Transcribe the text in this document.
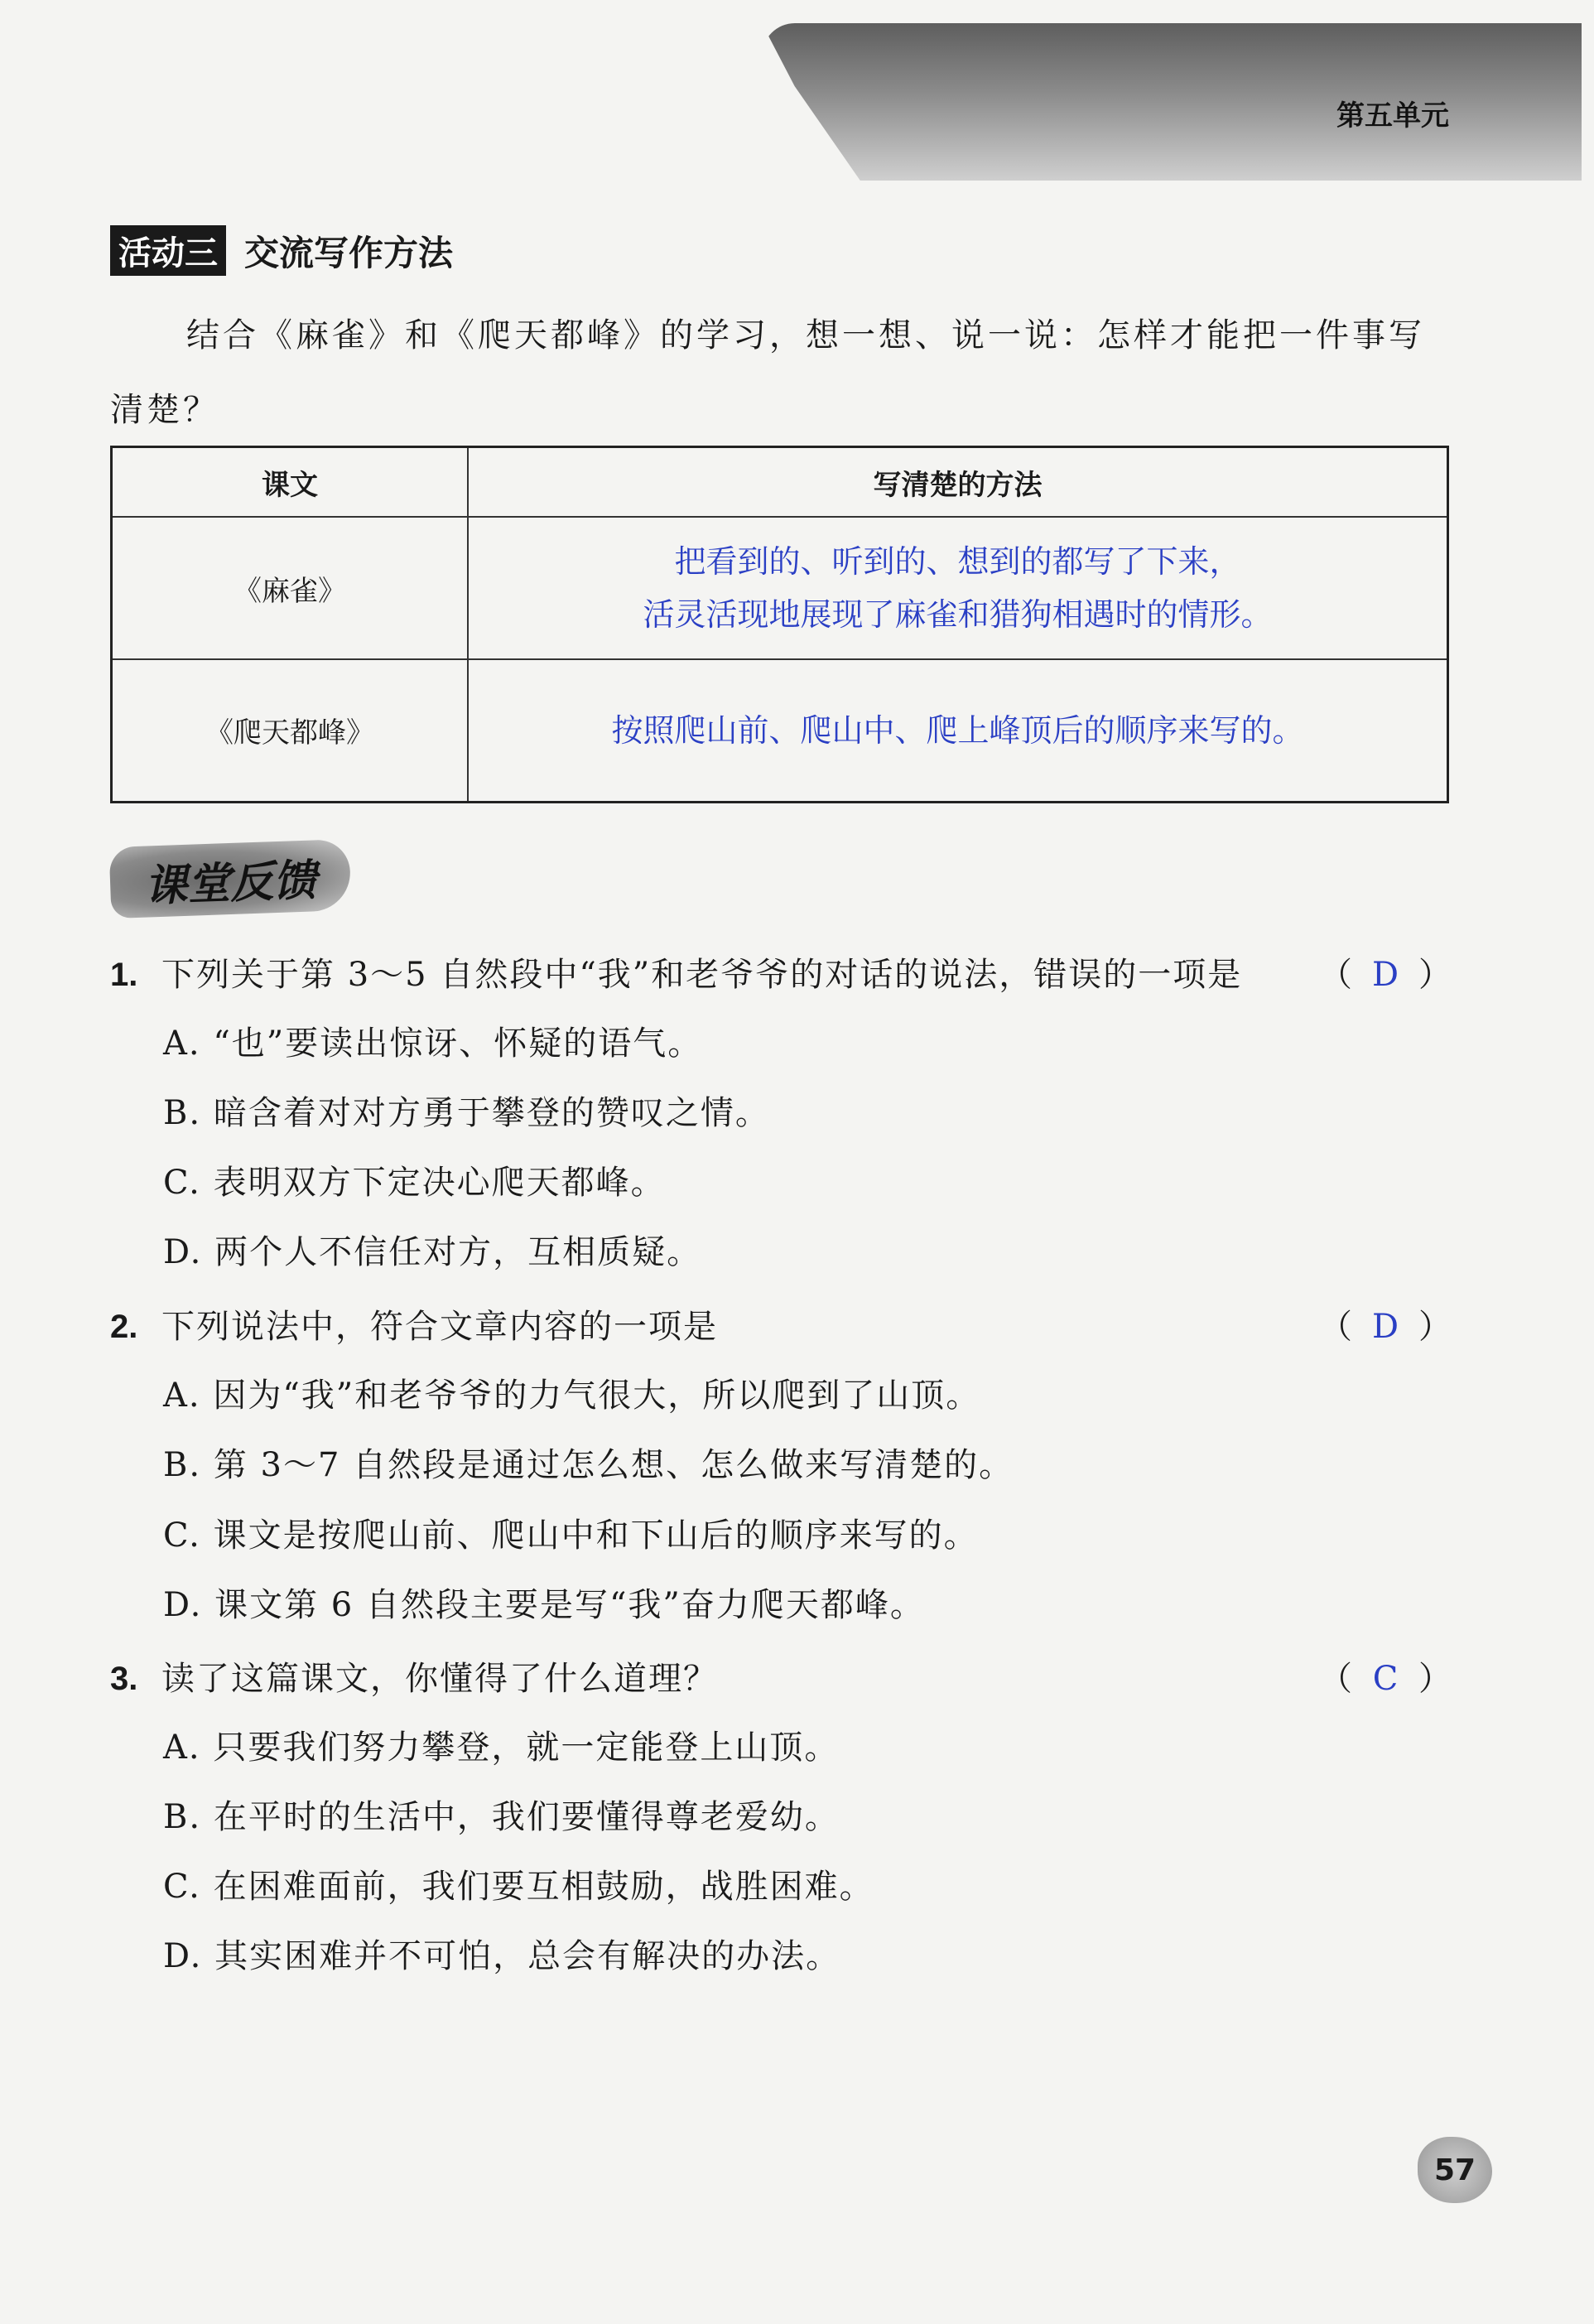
第五单元
活动三 交流写作方法
结合《麻雀》和《爬天都峰》的学习，想一想、说一说：怎样才能把一件事写清楚？
课文	写清楚的方法
《麻雀》	把看到的、听到的、想到的都写了下来，
活灵活现地展现了麻雀和猎狗相遇时的情形。

《爬天都峰》	按照爬山前、爬山中、爬上峰顶后的顺序来写的。
课堂反馈
1. 下列关于第 3～5 自然段中“我”和老爷爷的对话的说法，错误的一项是 （ D ）
A. “也”要读出惊讶、怀疑的语气。
B. 暗含着对对方勇于攀登的赞叹之情。
C. 表明双方下定决心爬天都峰。
D. 两个人不信任对方，互相质疑。
2. 下列说法中，符合文章内容的一项是	（ D ）
A. 因为“我”和老爷爷的力气很大，所以爬到了山顶。
B. 第 3～7 自然段是通过怎么想、怎么做来写清楚的。
C. 课文是按爬山前、爬山中和下山后的顺序来写的。
D. 课文第 6 自然段主要是写“我”奋力爬天都峰。
3. 读了这篇课文，你懂得了什么道理？	（ C ）
A. 只要我们努力攀登，就一定能登上山顶。
B. 在平时的生活中，我们要懂得尊老爱幼。
C. 在困难面前，我们要互相鼓励，战胜困难。
D. 其实困难并不可怕，总会有解决的办法。
57
